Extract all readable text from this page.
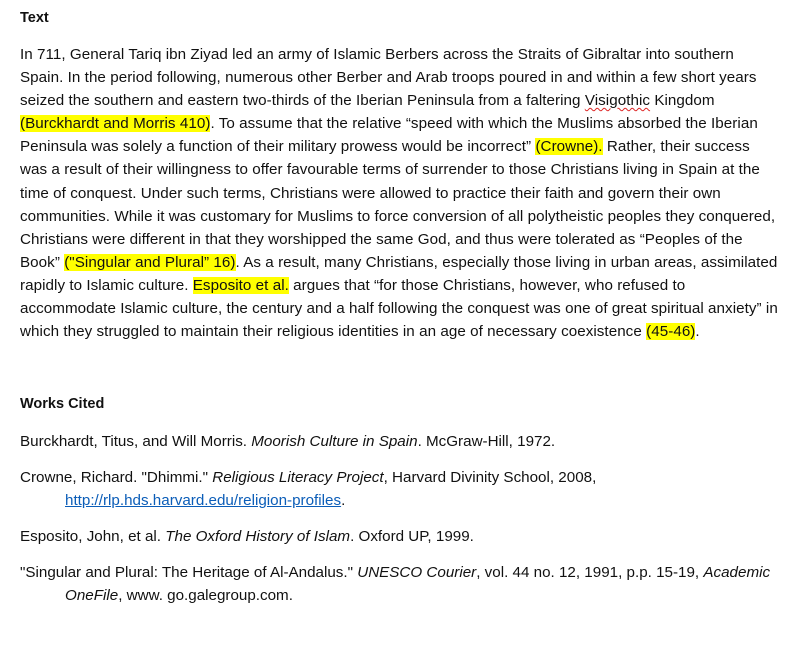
Text

In 711, General Tariq ibn Ziyad led an army of Islamic Berbers across the Straits of Gibraltar into southern Spain. In the period following, numerous other Berber and Arab troops poured in and within a few short years seized the southern and eastern two-thirds of the Iberian Peninsula from a faltering Visigothic Kingdom (Burckhardt and Morris 410). To assume that the relative “speed with which the Muslims absorbed the Iberian Peninsula was solely a function of their military prowess would be incorrect” (Crowne). Rather, their success was a result of their willingness to offer favourable terms of surrender to those Christians living in Spain at the time of conquest. Under such terms, Christians were allowed to practice their faith and govern their own communities. While it was customary for Muslims to force conversion of all polytheistic peoples they conquered, Christians were different in that they worshipped the same God, and thus were tolerated as “Peoples of the Book” ("Singular and Plural” 16). As a result, many Christians, especially those living in urban areas, assimilated rapidly to Islamic culture. Esposito et al. argues that “for those Christians, however, who refused to accommodate Islamic culture, the century and a half following the conquest was one of great spiritual anxiety” in which they struggled to maintain their religious identities in an age of necessary coexistence (45-46).

Works Cited

Burckhardt, Titus, and Will Morris. Moorish Culture in Spain. McGraw-Hill, 1972.

Crowne, Richard. "Dhimmi." Religious Literacy Project, Harvard Divinity School, 2008, http://rlp.hds.harvard.edu/religion-profiles.

Esposito, John, et al. The Oxford History of Islam. Oxford UP, 1999.

"Singular and Plural: The Heritage of Al-Andalus." UNESCO Courier, vol. 44 no. 12, 1991, p.p. 15-19, Academic OneFile, www. go.galegroup.com.
